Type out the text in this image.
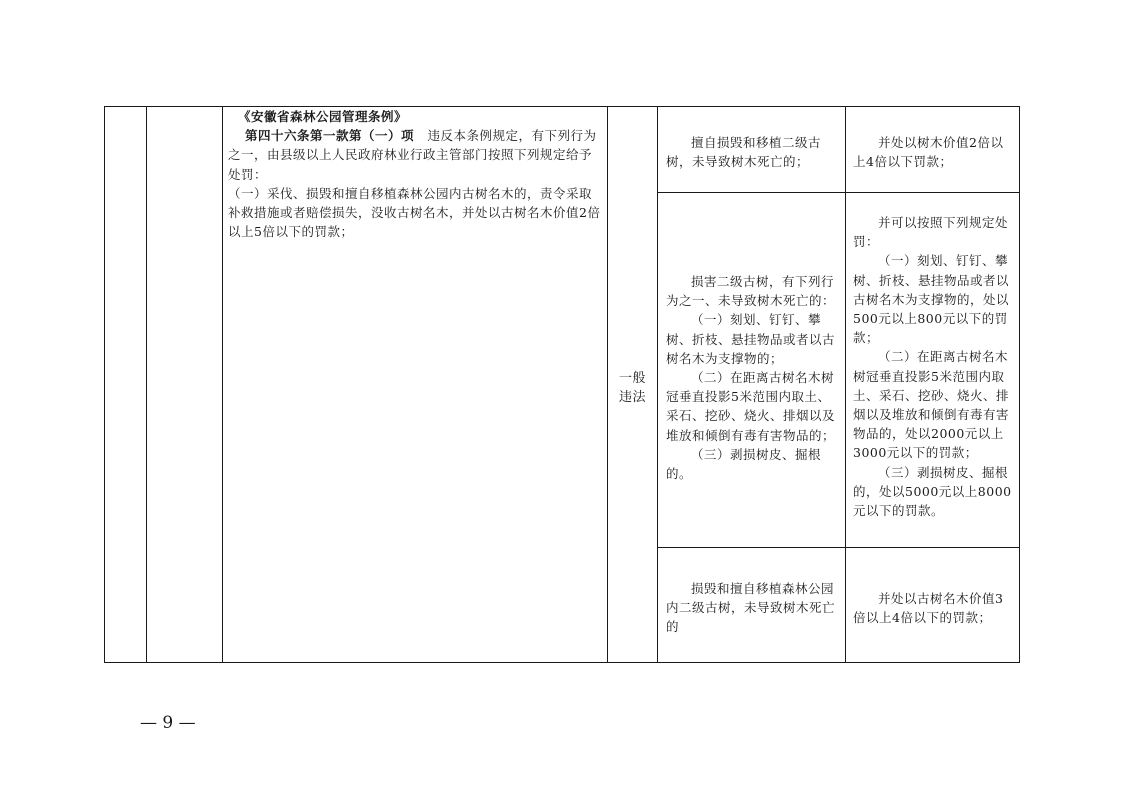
《安徽省森林公园管理条例》

第四十六条第一款第（一）项 违反本条例规定，有下列行为之一，由县级以上人民政府林业行政主管部门按照下列规定给予处罚：

（一）采伐、损毁和擅自移植森林公园内古树名木的，责令采取补救措施或者赔偿损失，没收古树名木，并处以古树名木价值2倍以上5倍以下的罚款；

一般违法

擅自损毁和移植二级古树，未导致树木死亡的；

并处以树木价值2倍以上4倍以下罚款；

损害二级古树，有下列行为之一、未导致树木死亡的：

（一）刻划、钉钉、攀树、折枝、悬挂物品或者以古树名木为支撑物的；

（二）在距离古树名木树冠垂直投影5米范围内取土、采石、挖砂、烧火、排烟以及堆放和倾倒有毒有害物品的；

（三）剥损树皮、掘根的。

并可以按照下列规定处罚：

（一）刻划、钉钉、攀树、折枝、悬挂物品或者以古树名木为支撑物的，处以500元以上800元以下的罚款；

（二）在距离古树名木树冠垂直投影5米范围内取土、采石、挖砂、烧火、排烟以及堆放和倾倒有毒有害物品的，处以2000元以上3000元以下的罚款；

（三）剥损树皮、掘根的，处以5000元以上8000元以下的罚款。

损毁和擅自移植森林公园内二级古树，未导致树木死亡的

并处以古树名木价值3倍以上4倍以下的罚款；

— 9 —
